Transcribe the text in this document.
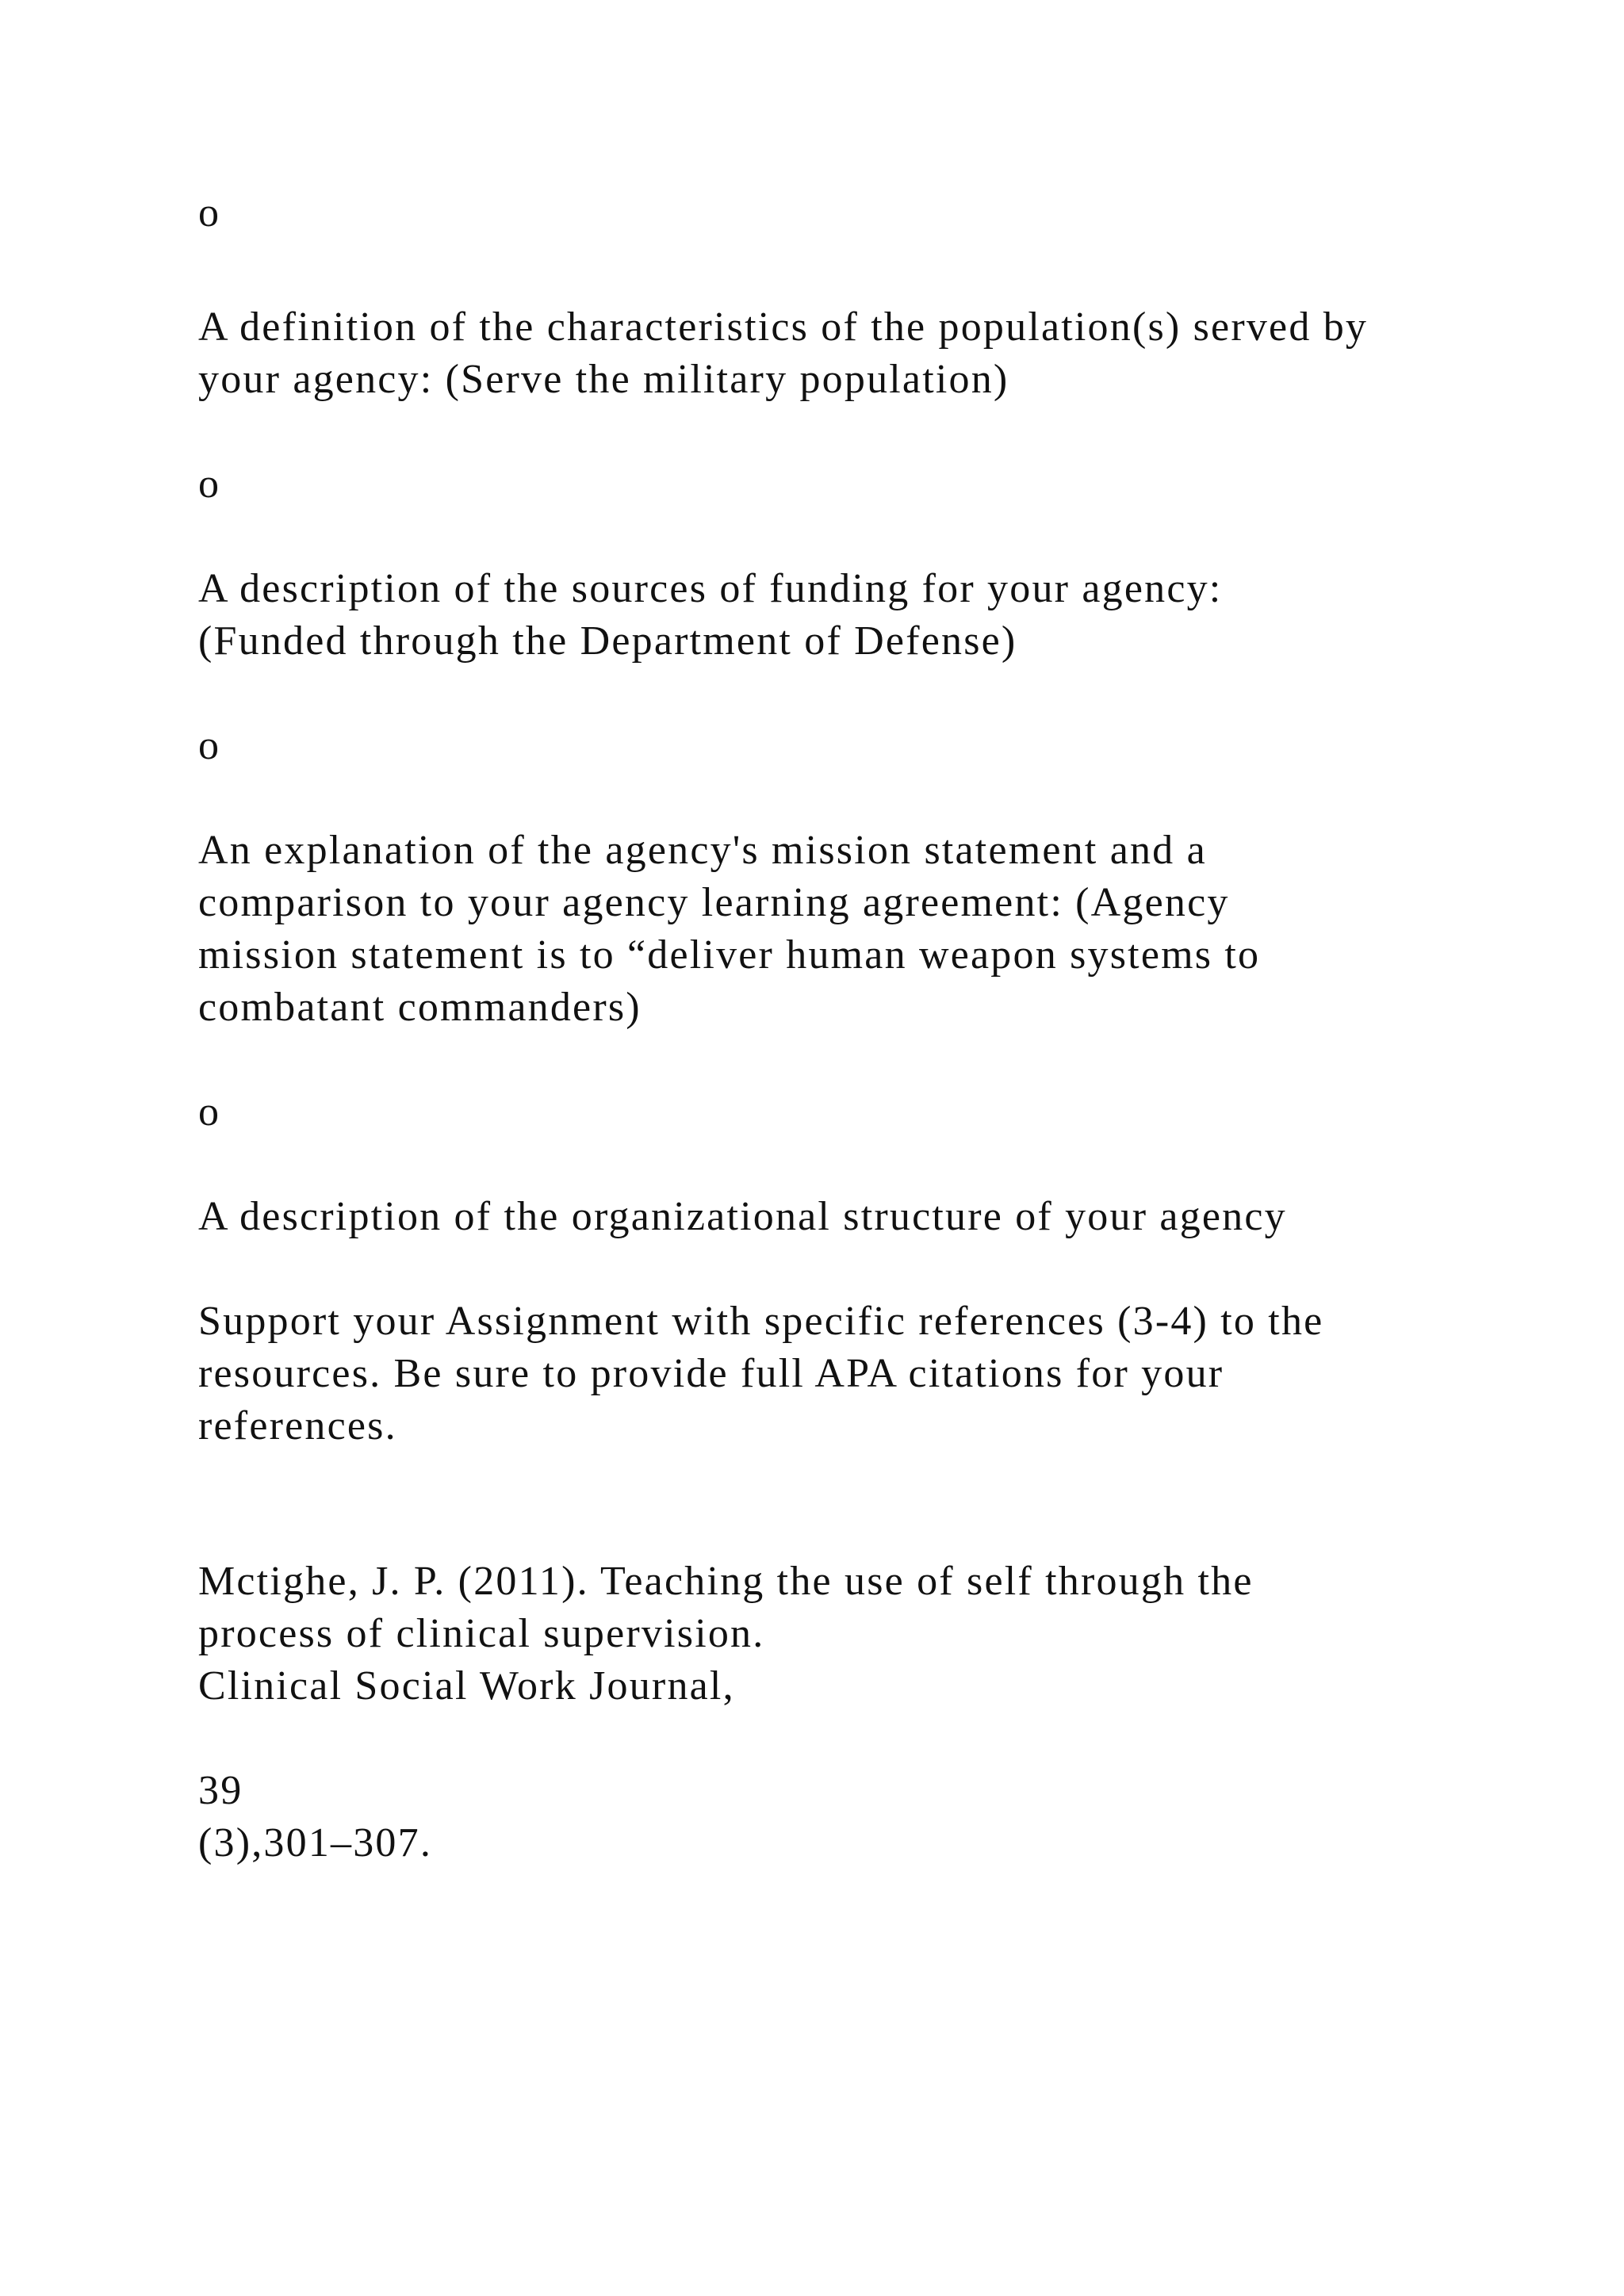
o

A definition of the characteristics of the population(s) served by

your agency: (Serve the military population)

o

A description of the sources of funding for your agency:

(Funded through the Department of Defense)

o

An explanation of the agency's mission statement and a

comparison to your agency learning agreement: (Agency

mission statement is to “deliver human weapon systems to

combatant commanders)

o

A description of the organizational structure of your agency

Support your Assignment with specific references (3-4) to the

resources. Be sure to provide full APA citations for your

references.

Mctighe, J. P. (2011). Teaching the use of self through the

process of clinical supervision.

Clinical Social Work Journal,

39

(3),301–307.
